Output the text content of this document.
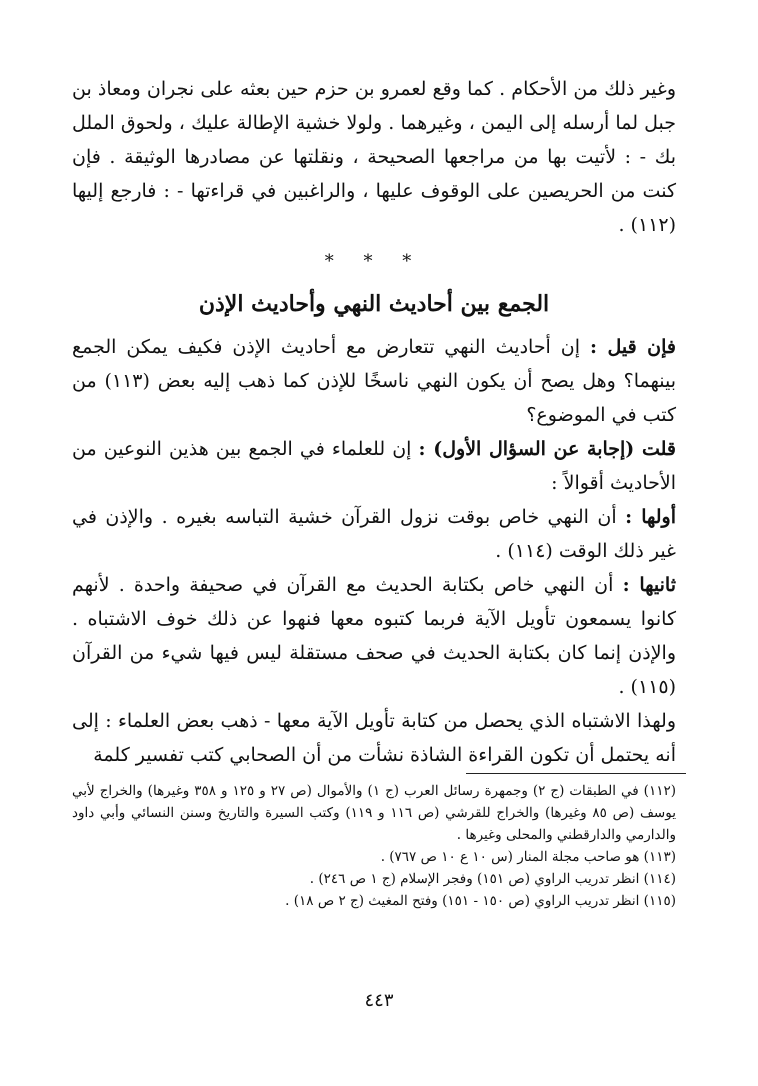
وغير ذلك من الأحكام . كما وقع لعمرو بن حزم حين بعثه على نجران ومعاذ بن جبل لما أرسله إلى اليمن ، وغيرهما . ولولا خشية الإطالة عليك ، ولحوق الملل بك - : لأتيت بها من مراجعها الصحيحة ، ونقلتها عن مصادرها الوثيقة . فإن كنت من الحريصين على الوقوف عليها ، والراغبين في قراءتها - : فارجع إليها (١١٢) .

* * *
الجمع بين أحاديث النهي وأحاديث الإذن

فإن قيل : إن أحاديث النهي تتعارض مع أحاديث الإذن فكيف يمكن الجمع بينهما؟ وهل يصح أن يكون النهي ناسخًا للإذن كما ذهب إليه بعض (١١٣) من كتب في الموضوع؟

قلت (إجابة عن السؤال الأول) : إن للعلماء في الجمع بين هذين النوعين من الأحاديث أقوالاً :

أولها : أن النهي خاص بوقت نزول القرآن خشية التباسه بغيره . والإذن في غير ذلك الوقت (١١٤) .

ثانيها : أن النهي خاص بكتابة الحديث مع القرآن في صحيفة واحدة . لأنهم كانوا يسمعون تأويل الآية فربما كتبوه معها فنهوا عن ذلك خوف الاشتباه . والإذن إنما كان بكتابة الحديث في صحف مستقلة ليس فيها شيء من القرآن (١١٥) .

ولهذا الاشتباه الذي يحصل من كتابة تأويل الآية معها - ذهب بعض العلماء : إلى أنه يحتمل أن تكون القراءة الشاذة نشأت من أن الصحابي كتب تفسير كلمة

(١١٢) في الطبقات (ج ٢) وجمهرة رسائل العرب (ج ١) والأموال (ص ٢٧ و ١٢٥ و ٣٥٨ وغيرها) والخراج لأبي يوسف (ص ٨٥ وغيرها) والخراج للقرشي (ص ١١٦ و ١١٩) وكتب السيرة والتاريخ وسنن النسائي وأبي داود والدارمي والدارقطني والمحلى وغيرها .

(١١٣) هو صاحب مجلة المنار (س ١٠ ع ١٠ ص ٧٦٧) .

(١١٤) انظر تدريب الراوي (ص ١٥١) وفجر الإسلام (ج ١ ص ٢٤٦) .

(١١٥) انظر تدريب الراوي (ص ١٥٠ - ١٥١) وفتح المغيث (ج ٢ ص ١٨) .

٤٤٣
